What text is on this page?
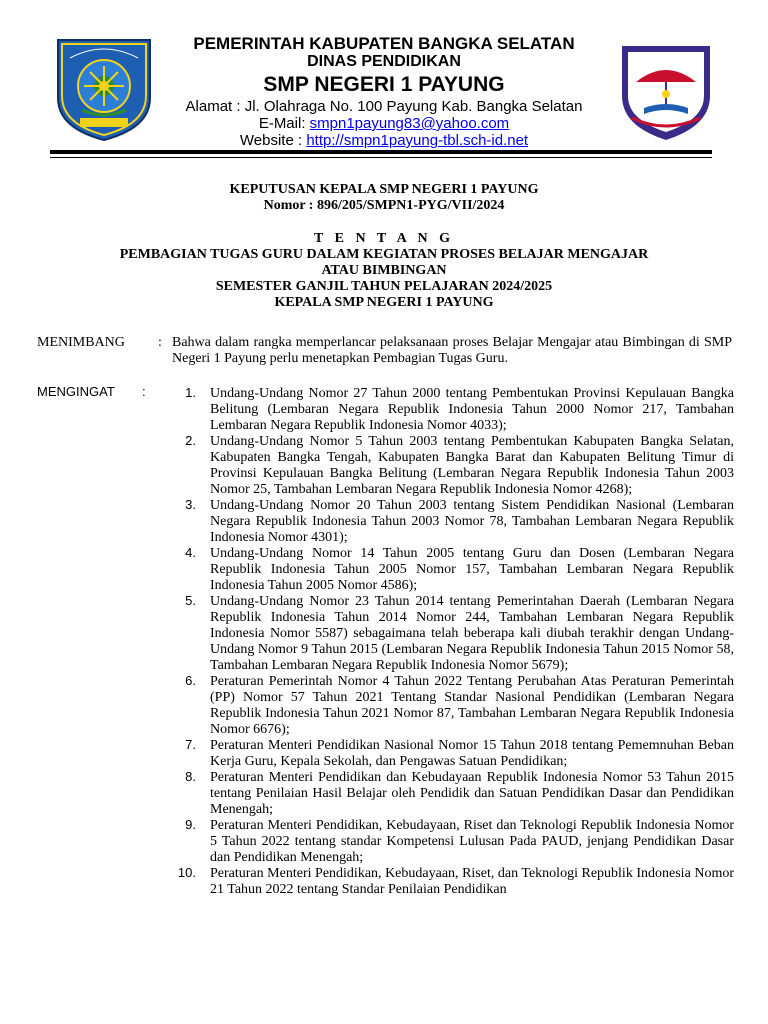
PEMERINTAH KABUPATEN BANGKA SELATAN
DINAS PENDIDIKAN
SMP NEGERI 1 PAYUNG
Alamat : Jl. Olahraga No. 100 Payung Kab. Bangka Selatan
E-Mail: smpn1payung83@yahoo.com
Website : http://smpn1payung-tbl.sch-id.net
KEPUTUSAN KEPALA SMP NEGERI 1 PAYUNG
Nomor : 896/205/SMPN1-PYG/VII/2024
T E N T A N G
PEMBAGIAN TUGAS GURU DALAM KEGIATAN PROSES BELAJAR MENGAJAR
ATAU BIMBINGAN
SEMESTER GANJIL TAHUN PELAJARAN 2024/2025
KEPALA SMP NEGERI 1 PAYUNG
MENIMBANG : Bahwa dalam rangka memperlancar pelaksanaan proses Belajar Mengajar atau Bimbingan di SMP Negeri 1 Payung perlu menetapkan Pembagian Tugas Guru.
MENGINGAT :	1. Undang-Undang Nomor 27 Tahun 2000 tentang Pembentukan Provinsi Kepulauan Bangka Belitung (Lembaran Negara Republik Indonesia Tahun 2000 Nomor 217, Tambahan Lembaran Negara Republik Indonesia Nomor 4033);
2. Undang-Undang Nomor 5 Tahun 2003 tentang Pembentukan Kabupaten Bangka Selatan, Kabupaten Bangka Tengah, Kabupaten Bangka Barat dan Kabupaten Belitung Timur di Provinsi Kepulauan Bangka Belitung (Lembaran Negara Republik Indonesia Tahun 2003 Nomor 25, Tambahan Lembaran Negara Republik Indonesia Nomor 4268);
3. Undang-Undang Nomor 20 Tahun 2003 tentang Sistem Pendidikan Nasional (Lembaran Negara Republik Indonesia Tahun 2003 Nomor 78, Tambahan Lembaran Negara Republik Indonesia Nomor 4301);
4. Undang-Undang Nomor 14 Tahun 2005 tentang Guru dan Dosen (Lembaran Negara Republik Indonesia Tahun 2005 Nomor 157, Tambahan Lembaran Negara Republik Indonesia Tahun 2005 Nomor 4586);
5. Undang-Undang Nomor 23 Tahun 2014 tentang Pemerintahan Daerah (Lembaran Negara Republik Indonesia Tahun 2014 Nomor 244, Tambahan Lembaran Negara Republik Indonesia Nomor 5587) sebagaimana telah beberapa kali diubah terakhir dengan Undang-Undang Nomor 9 Tahun 2015 (Lembaran Negara Republik Indonesia Tahun 2015 Nomor 58, Tambahan Lembaran Negara Republik Indonesia Nomor 5679);
6. Peraturan Pemerintah Nomor 4 Tahun 2022 Tentang Perubahan Atas Peraturan Pemerintah (PP) Nomor 57 Tahun 2021 Tentang Standar Nasional Pendidikan (Lembaran Negara Republik Indonesia Tahun 2021 Nomor 87, Tambahan Lembaran Negara Republik Indonesia Nomor 6676);
7. Peraturan Menteri Pendidikan Nasional Nomor 15 Tahun 2018 tentang Pememnuhan Beban Kerja Guru, Kepala Sekolah, dan Pengawas Satuan Pendidikan;
8. Peraturan Menteri Pendidikan dan Kebudayaan Republik Indonesia Nomor 53 Tahun 2015 tentang Penilaian Hasil Belajar oleh Pendidik dan Satuan Pendidikan Dasar dan Pendidikan Menengah;
9. Peraturan Menteri Pendidikan, Kebudayaan, Riset dan Teknologi Republik Indonesia Nomor 5 Tahun 2022 tentang standar Kompetensi Lulusan Pada PAUD, jenjang Pendidikan Dasar dan Pendidikan Menengah;
10. Peraturan Menteri Pendidikan, Kebudayaan, Riset, dan Teknologi Republik Indonesia Nomor 21 Tahun 2022 tentang Standar Penilaian Pendidikan
